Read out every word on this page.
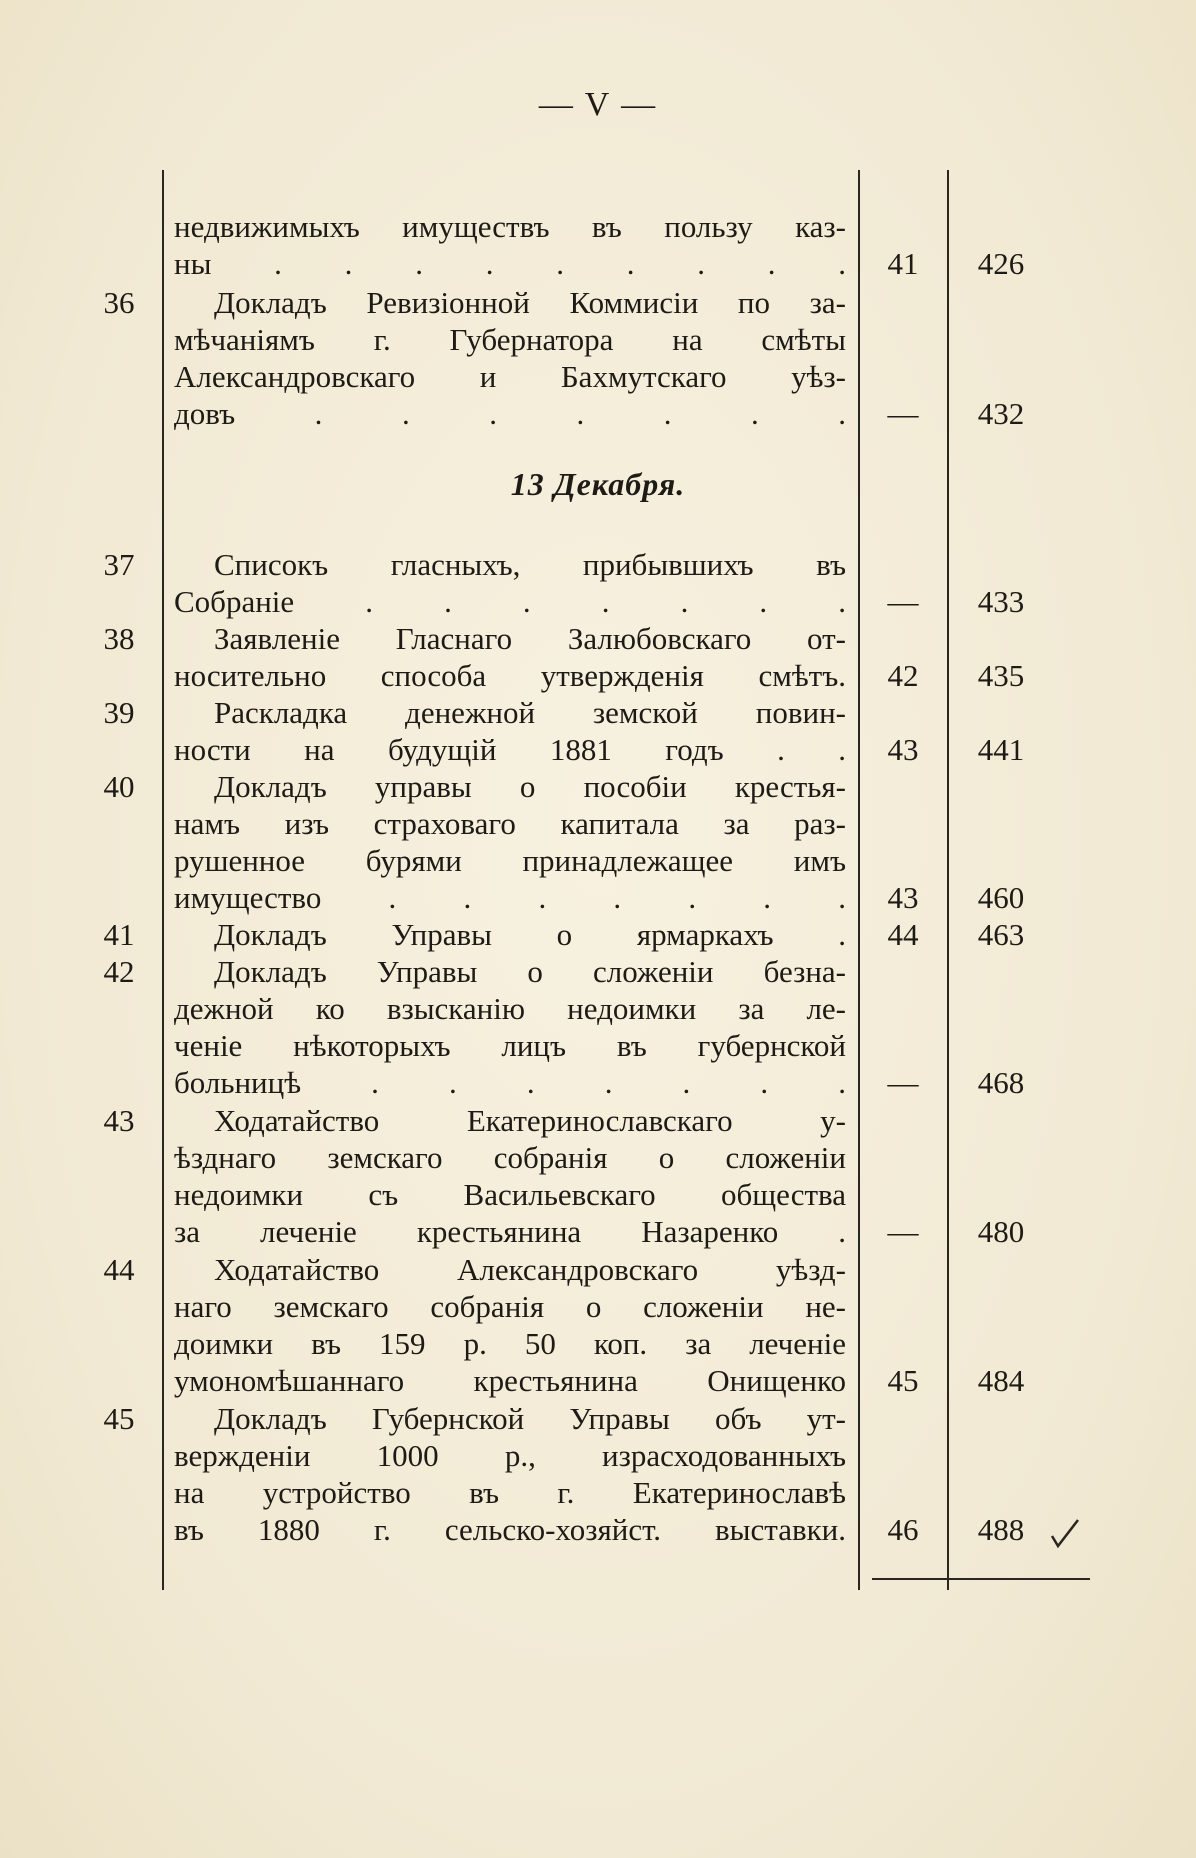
— V —
13 Декабря.
недвижимыхъ имуществъ въ пользу каз-
ны . . . . . . . . .	41	426
36	Докладъ Ревизіонной Коммисіи по за-
мѣчаніямъ г. Губернатора на смѣты
Александровскаго и Бахмутскаго уѣз-
довъ . . . . . . .	—	432
37	Списокъ гласныхъ, прибывшихъ въ
Собраніе . . . . . . .	—	433
38	Заявленіе Гласнаго Залюбовскаго от-
носительно способа утвержденія смѣтъ.	42	435
39	Раскладка денежной земской повин-
ности на будущій 1881 годъ . .	43	441
40	Докладъ управы о пособіи крестья-
намъ изъ страховаго капитала за раз-
рушенное бурями принадлежащее имъ
имущество . . . . . . .	43	460
41	Докладъ Управы о ярмаркахъ .	44	463
42	Докладъ Управы о сложеніи безна-
дежной ко взысканію недоимки за ле-
ченіе нѣкоторыхъ лицъ въ губернской
больницѣ . . . . . . .	—	468
43	Ходатайство Екатеринославскаго у-
ѣзднаго земскаго собранія о сложеніи
недоимки съ Васильевскаго общества
за леченіе крестьянина Назаренко .	—	480
44	Ходатайство Александровскаго уѣзд-
наго земскаго собранія о сложеніи не-
доимки въ 159 р. 50 коп. за леченіе
умономѣшаннаго крестьянина Онищенко	45	484
45	Докладъ Губернской Управы объ ут-
вержденіи 1000 р., израсходованныхъ
на устройство въ г. Екатеринославѣ
въ 1880 г. сельско-хозяйст. выставки.	46	488
